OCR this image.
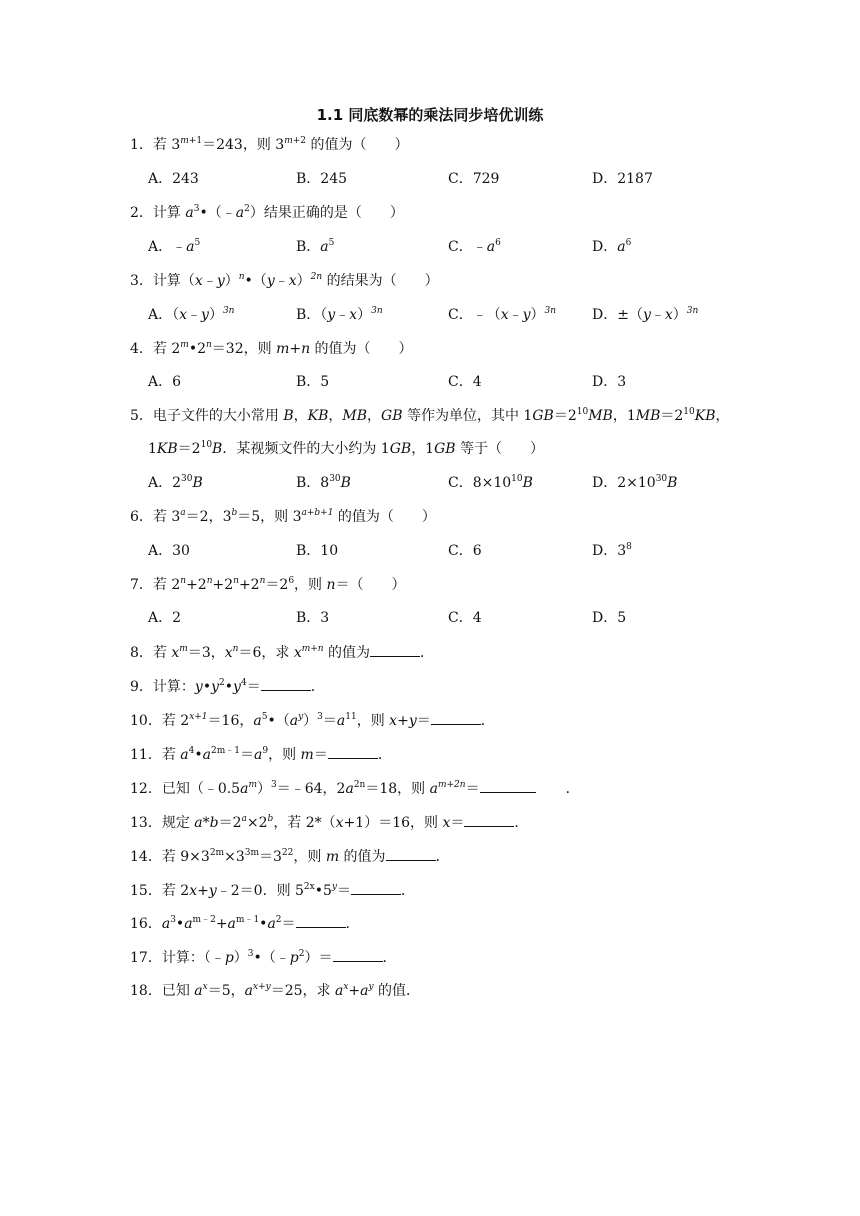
1.1 同底数幂的乘法同步培优训练
1．若 $3^{m+1}=243$，则 $3^{m+2}$ 的值为（　　）
A．243	B．245	C．729	D．2187
2．计算 $a^3•(﹣a^2)$结果正确的是（　　）
A．$﹣a^5$	B．$a^5$	C．$﹣a^6$	D．$a^6$
3．计算（x﹣y）$^n$•（y﹣x）$^{2n}$ 的结果为（　　）
A．（x﹣y）$^{3n}$	B．（y﹣x）$^{3n}$	C．﹣（x﹣y）$^{3n}$	D．±（y﹣x）$^{3n}$
4．若 $2^m•2^n=32$，则 m+n 的值为（　　）
A．6	B．5	C．4	D．3
5．电子文件的大小常用 B，KB，MB，GB 等作为单位，其中 $1GB=2^{10}MB$，$1MB=2^{10}KB$，
$1KB=2^{10}B$．某视频文件的大小约为 1GB，1GB 等于（　　）
A．$2^{30}B$	B．$8^{30}B$	C．$8\times 10^{10}B$	D．$2\times 10^{30}B$
6．若 $3^a=2$，$3^b=5$，则 $3^{a+b+1}$ 的值为（　　）
A．30	B．10	C．6	D．$3^8$
7．若 $2^n+2^n+2^n+2^n=2^6$，则 n＝（　　）
A．2	B．3	C．4	D．5
8．若 $x^m=3$，$x^n=6$，求 $x^{m+n}$ 的值为	．
9．计算：$y•y^2•y^4=$	．
10．若 $2^{x+1}=16$，$a^5•(a^y)^3=a^{11}$，则 x+y＝	．
11．若 $a^4•a^{2m﹣1}=a^9$，则 m＝	．
12．已知$(﹣0.5a^m)^3=﹣64$，$2a^{2n}=18$，则 $a^{m+2n}=$	．
13．规定 $a*b=2^a\times 2^b$，若 2*（x+1）＝16，则 x＝	．
14．若 $9\times 3^{2m}\times 3^{3m}=3^{22}$，则 m 的值为	．
15．若 2x+y﹣2＝0．则 $5^{2x}•5^y=$	．
16．$a^3•a^{m﹣2}+a^{m﹣1}•a^2=$	．
17．计算：$(﹣p)^3•(﹣p^2)=$	．
18．已知 $a^x=5$，$a^{x+y}=25$，求 $a^x+a^y$ 的值．
